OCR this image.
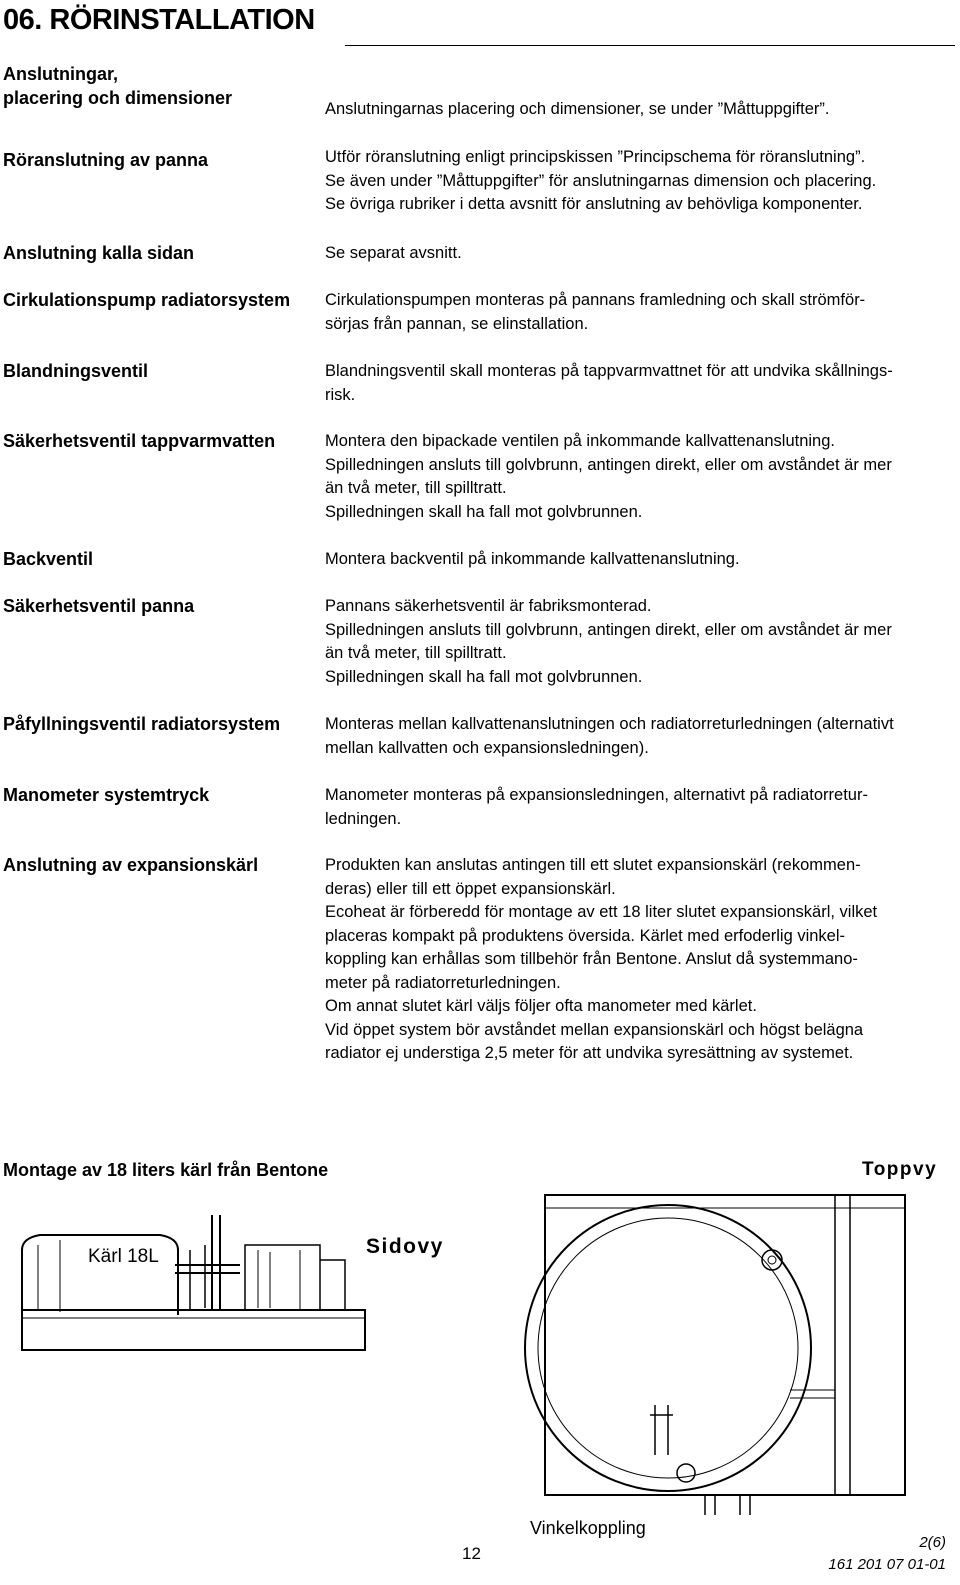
06. RÖRINSTALLATION
Anslutningar,
placering och dimensioner

Anslutningarnas placering och dimensioner, se under ”Måttuppgifter”.

Röranslutning av panna	Utför röranslutning enligt principskissen ”Principschema för röranslutning”.

Se även under ”Måttuppgifter” för anslutningarnas dimension och placering.

Se övriga rubriker i detta avsnitt för anslutning av behövliga komponenter.

Anslutning kalla sidan	Se separat avsnitt.

Cirkulationspump radiatorsystem	Cirkulationspumpen monteras på pannans framledning och skall strömför-

sörjas från pannan, se elinstallation.

Blandningsventil	Blandningsventil skall monteras på tappvarmvattnet för att undvika skållnings-

risk.

Säkerhetsventil tappvarmvatten	Montera den bipackade ventilen på inkommande kallvattenanslutning.

Spilledningen ansluts till golvbrunn, antingen direkt, eller om avståndet är mer

än två meter, till spilltratt.

Spilledningen skall ha fall mot golvbrunnen.

Backventil	Montera backventil på inkommande kallvattenanslutning.

Säkerhetsventil panna	Pannans säkerhetsventil är fabriksmonterad.

Spilledningen ansluts till golvbrunn, antingen direkt, eller om avståndet är mer

än två meter, till spilltratt.

Spilledningen skall ha fall mot golvbrunnen.

Påfyllningsventil radiatorsystem	Monteras mellan kallvattenanslutningen och radiatorreturledningen (alternativt

mellan kallvatten och expansionsledningen).

Manometer systemtryck	Manometer monteras på expansionsledningen, alternativt på radiatorretur-

ledningen.

Anslutning av expansionskärl	Produkten kan anslutas antingen till ett slutet expansionskärl (rekommen-

deras) eller till ett öppet expansionskärl.

Ecoheat är förberedd för montage av ett 18 liter slutet expansionskärl, vilket

placeras kompakt på produktens översida. Kärlet med erfoderlig vinkel-

koppling kan erhållas som tillbehör från Bentone. Anslut då systemmano-

meter på radiatorreturledningen.

Om annat slutet kärl väljs följer ofta manometer med kärlet.

Vid öppet system bör avståndet mellan expansionskärl och högst belägna

radiator ej understiga 2,5 meter för att undvika syresättning av systemet.

Montage av 18 liters kärl från Bentone	Toppvy
Sidovy
Kärl 18L
Vinkelkoppling
12
2(6)
161 201 07 01-01
